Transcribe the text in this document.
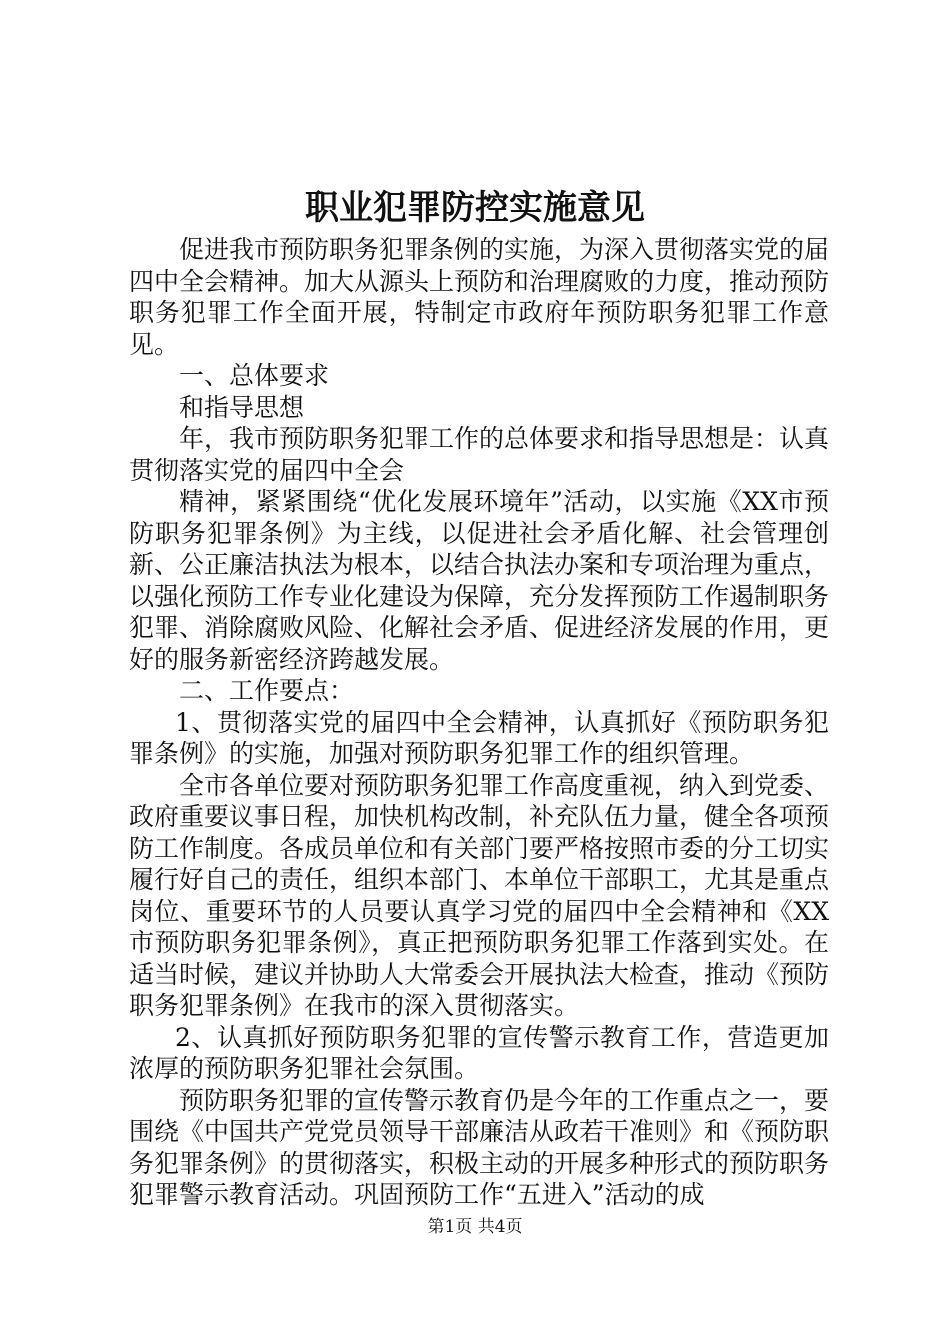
职业犯罪防控实施意见

促进我市预防职务犯罪条例的实施，为深入贯彻落实党的届四中全会精神。加大从源头上预防和治理腐败的力度，推动预防职务犯罪工作全面开展，特制定市政府年预防职务犯罪工作意见。

一、总体要求

和指导思想

年，我市预防职务犯罪工作的总体要求和指导思想是：认真贯彻落实党的届四中全会

精神，紧紧围绕“优化发展环境年”活动，以实施《XX市预防职务犯罪条例》为主线，以促进社会矛盾化解、社会管理创新、公正廉洁执法为根本，以结合执法办案和专项治理为重点，以强化预防工作专业化建设为保障，充分发挥预防工作遏制职务犯罪、消除腐败风险、化解社会矛盾、促进经济发展的作用，更好的服务新密经济跨越发展。

二、工作要点：

1、贯彻落实党的届四中全会精神，认真抓好《预防职务犯罪条例》的实施，加强对预防职务犯罪工作的组织管理。

全市各单位要对预防职务犯罪工作高度重视，纳入到党委、政府重要议事日程，加快机构改制，补充队伍力量，健全各项预防工作制度。各成员单位和有关部门要严格按照市委的分工切实履行好自己的责任，组织本部门、本单位干部职工，尤其是重点岗位、重要环节的人员要认真学习党的届四中全会精神和《XX市预防职务犯罪条例》，真正把预防职务犯罪工作落到实处。在适当时候，建议并协助人大常委会开展执法大检查，推动《预防职务犯罪条例》在我市的深入贯彻落实。

2、认真抓好预防职务犯罪的宣传警示教育工作，营造更加浓厚的预防职务犯罪社会氛围。

预防职务犯罪的宣传警示教育仍是今年的工作重点之一，要围绕《中国共产党党员领导干部廉洁从政若干准则》和《预防职务犯罪条例》的贯彻落实，积极主动的开展多种形式的预防职务犯罪警示教育活动。巩固预防工作“五进入”活动的成

第1页 共4页
